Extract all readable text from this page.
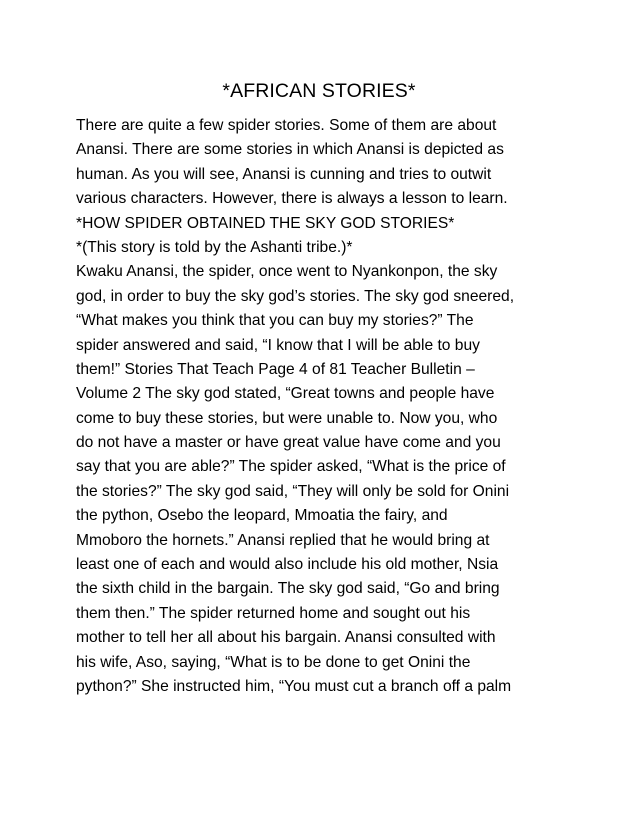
*AFRICAN STORIES*
There are quite a few spider stories. Some of them are about
Anansi. There are some stories in which Anansi is depicted as
human. As you will see, Anansi is cunning and tries to outwit
various characters. However, there is always a lesson to learn.
*HOW SPIDER OBTAINED THE SKY GOD STORIES*
*(This story is told by the Ashanti tribe.)*
Kwaku Anansi, the spider, once went to Nyankonpon, the sky
god, in order to buy the sky god’s stories. The sky god sneered,
“What makes you think that you can buy my stories?” The
spider answered and said, “I know that I will be able to buy
them!” Stories That Teach Page 4 of 81 Teacher Bulletin –
Volume 2 The sky god stated, “Great towns and people have
come to buy these stories, but were unable to. Now you, who
do not have a master or have great value have come and you
say that you are able?” The spider asked, “What is the price of
the stories?” The sky god said, “They will only be sold for Onini
the python, Osebo the leopard, Mmoatia the fairy, and
Mmoboro the hornets.” Anansi replied that he would bring at
least one of each and would also include his old mother, Nsia
the sixth child in the bargain. The sky god said, “Go and bring
them then.” The spider returned home and sought out his
mother to tell her all about his bargain. Anansi consulted with
his wife, Aso, saying, “What is to be done to get Onini the
python?” She instructed him, “You must cut a branch off a palm
